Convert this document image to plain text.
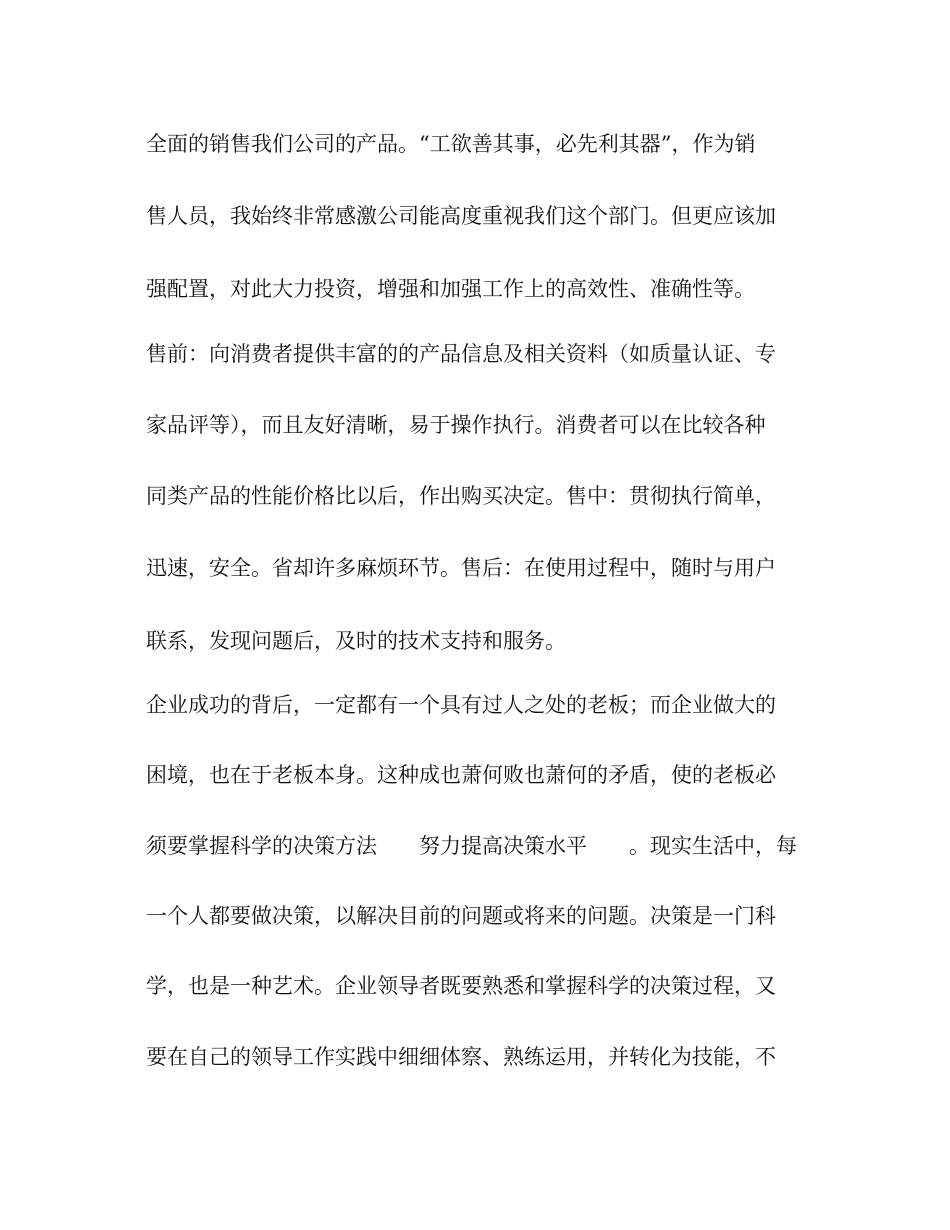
全面的销售我们公司的产品。“工欲善其事，必先利其器”，作为销
售人员，我始终非常感激公司能高度重视我们这个部门。但更应该加
强配置，对此大力投资，增强和加强工作上的高效性、准确性等。
售前：向消费者提供丰富的的产品信息及相关资料（如质量认证、专
家品评等），而且友好清晰，易于操作执行。消费者可以在比较各种
同类产品的性能价格比以后，作出购买决定。售中：贯彻执行简单，
迅速，安全。省却许多麻烦环节。售后：在使用过程中，随时与用户
联系，发现问题后，及时的技术支持和服务。
企业成功的背后，一定都有一个具有过人之处的老板；而企业做大的
困境，也在于老板本身。这种成也萧何败也萧何的矛盾，使的老板必
须要掌握科学的决策方法　　努力提高决策水平　　。现实生活中，每
一个人都要做决策，以解决目前的问题或将来的问题。决策是一门科
学，也是一种艺术。企业领导者既要熟悉和掌握科学的决策过程，又
要在自己的领导工作实践中细细体察、熟练运用，并转化为技能，不
